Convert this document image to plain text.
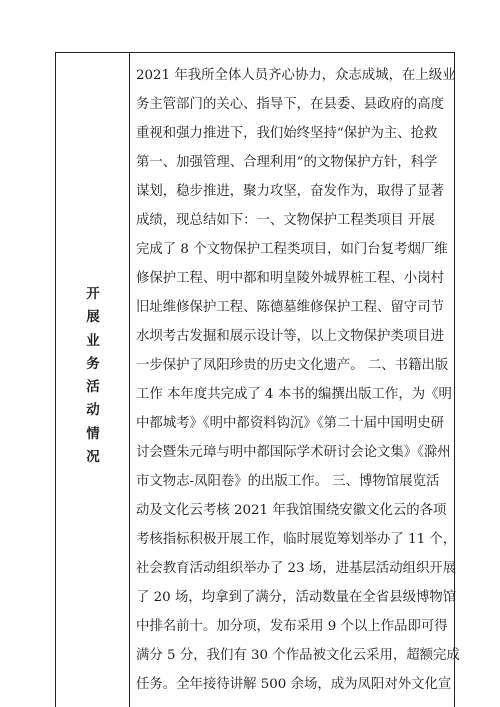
开
展
业
务
活
动
情
况
2021 年我所全体人员齐心协力，众志成城，在上级业
务主管部门的关心、指导下，在县委、县政府的高度
重视和强力推进下，我们始终坚持“保护为主、抢救
第一、加强管理、合理利用”的文物保护方针，科学
谋划，稳步推进，聚力攻坚，奋发作为，取得了显著
成绩，现总结如下：一、文物保护工程类项目 开展
完成了 8 个文物保护工程类项目，如门台复考烟厂维
修保护工程、明中都和明皇陵外城界桩工程、小岗村
旧址维修保护工程、陈德墓维修保护工程、留守司节
水坝考古发掘和展示设计等，以上文物保护类项目进
一步保护了凤阳珍贵的历史文化遗产。 二、书籍出版
工作 本年度共完成了 4 本书的编撰出版工作，为《明
中都城考》《明中都资料钩沉》《第二十届中国明史研
讨会暨朱元璋与明中都国际学术研讨会论文集》《滁州
市文物志-凤阳卷》的出版工作。 三、博物馆展览活
动及文化云考核 2021 年我馆围绕安徽文化云的各项
考核指标积极开展工作，临时展览筹划举办了 11 个，
社会教育活动组织举办了 23 场，进基层活动组织开展
了 20 场，均拿到了满分，活动数量在全省县级博物馆
中排名前十。加分项，发布采用 9 个以上作品即可得
满分 5 分，我们有 30 个作品被文化云采用，超额完成
任务。全年接待讲解 500 余场，成为凤阳对外文化宣
